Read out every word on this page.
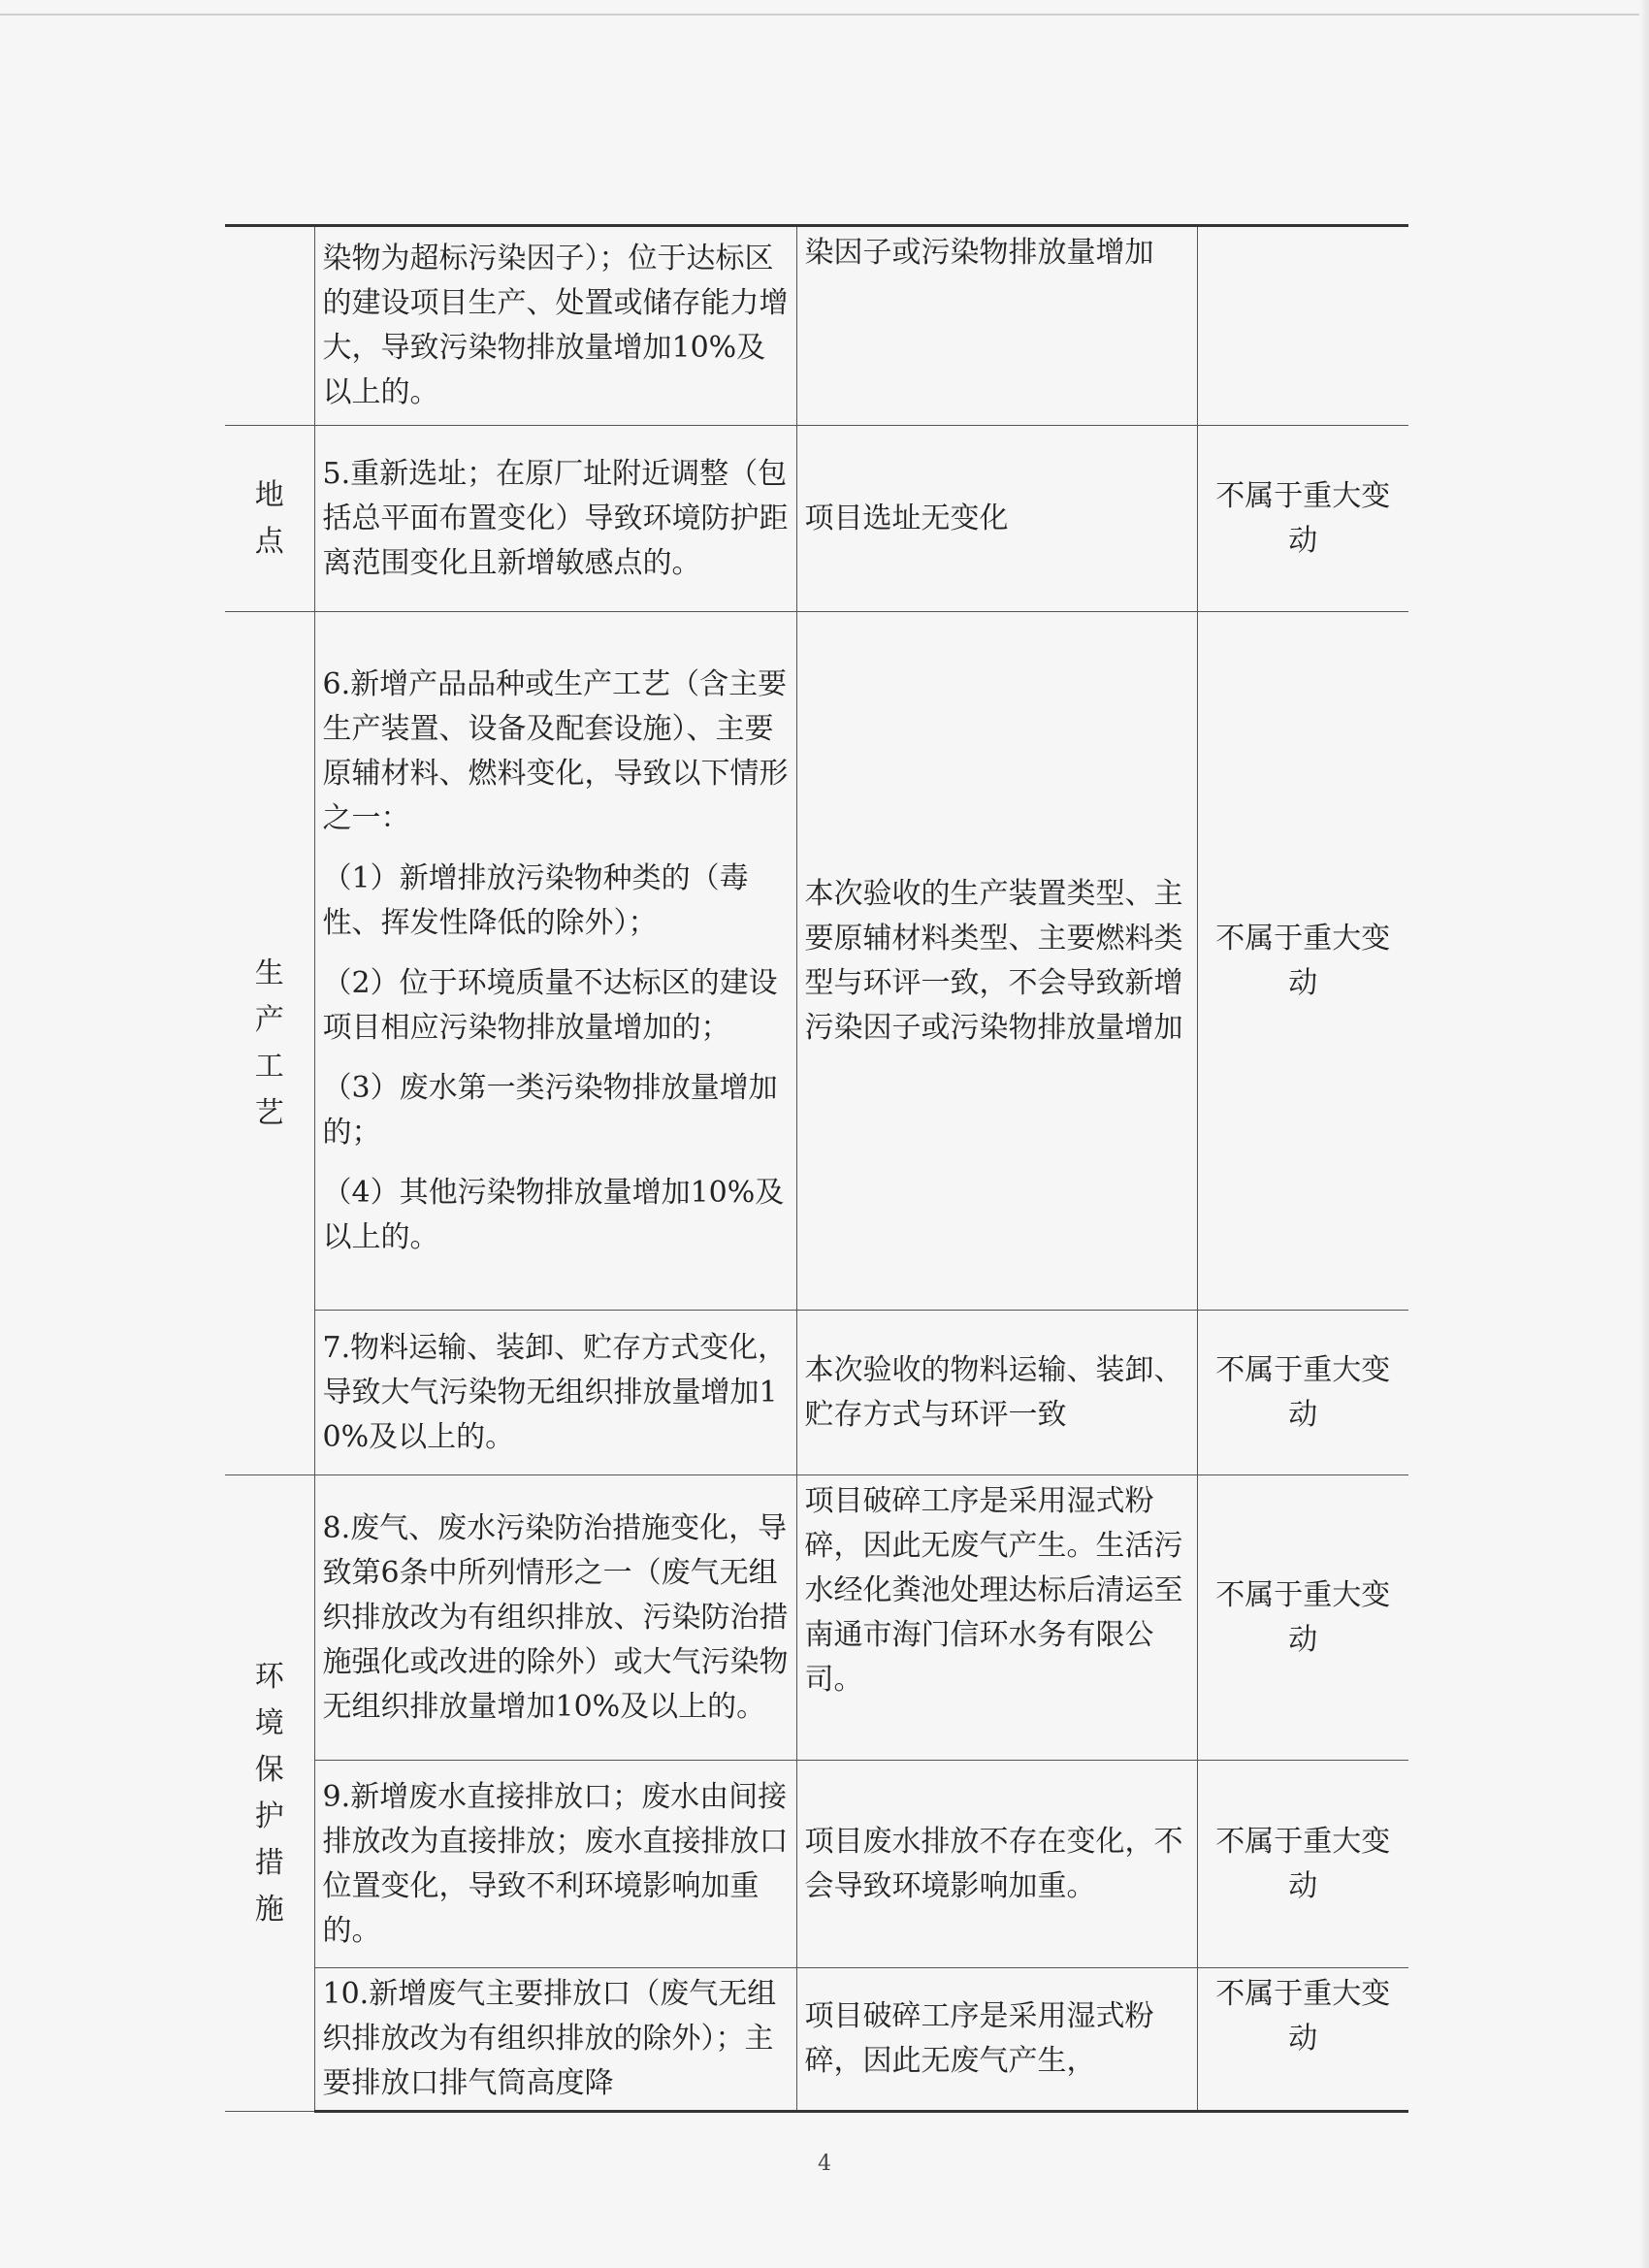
	染物为超标污染因子）；位于达标区的建设项目生产、处置或储存能力增大，导致污染物排放量增加10%及以上的。	染因子或污染物排放量增加	
地点	5.重新选址；在原厂址附近调整（包括总平面布置变化）导致环境防护距离范围变化且新增敏感点的。	项目选址无变化	不属于重大变动
生产工艺	6.新增产品品种或生产工艺（含主要生产装置、设备及配套设施）、主要原辅材料、燃料变化，导致以下情形之一：

（1）新增排放污染物种类的（毒性、挥发性降低的除外）；

（2）位于环境质量不达标区的建设项目相应污染物排放量增加的；

（3）废水第一类污染物排放量增加的；

（4）其他污染物排放量增加10%及以上的。	本次验收的生产装置类型、主要原辅材料类型、主要燃料类型与环评一致，不会导致新增污染因子或污染物排放量增加	不属于重大变动

	7.物料运输、装卸、贮存方式变化，导致大气污染物无组织排放量增加10%及以上的。	本次验收的物料运输、装卸、贮存方式与环评一致	不属于重大变动
环境保护措施	8.废气、废水污染防治措施变化，导致第6条中所列情形之一（废气无组织排放改为有组织排放、污染防治措施强化或改进的除外）或大气污染物无组织排放量增加10%及以上的。	项目破碎工序是采用湿式粉碎，因此无废气产生。生活污水经化粪池处理达标后清运至南通市海门信环水务有限公司。	不属于重大变动

	9.新增废水直接排放口；废水由间接排放改为直接排放；废水直接排放口位置变化，导致不利环境影响加重的。	项目废水排放不存在变化，不会导致环境影响加重。	不属于重大变动

	10.新增废气主要排放口（废气无组织排放改为有组织排放的除外）；主要排放口排气筒高度降	项目破碎工序是采用湿式粉碎，因此无废气产生，	不属于重大变动
4
